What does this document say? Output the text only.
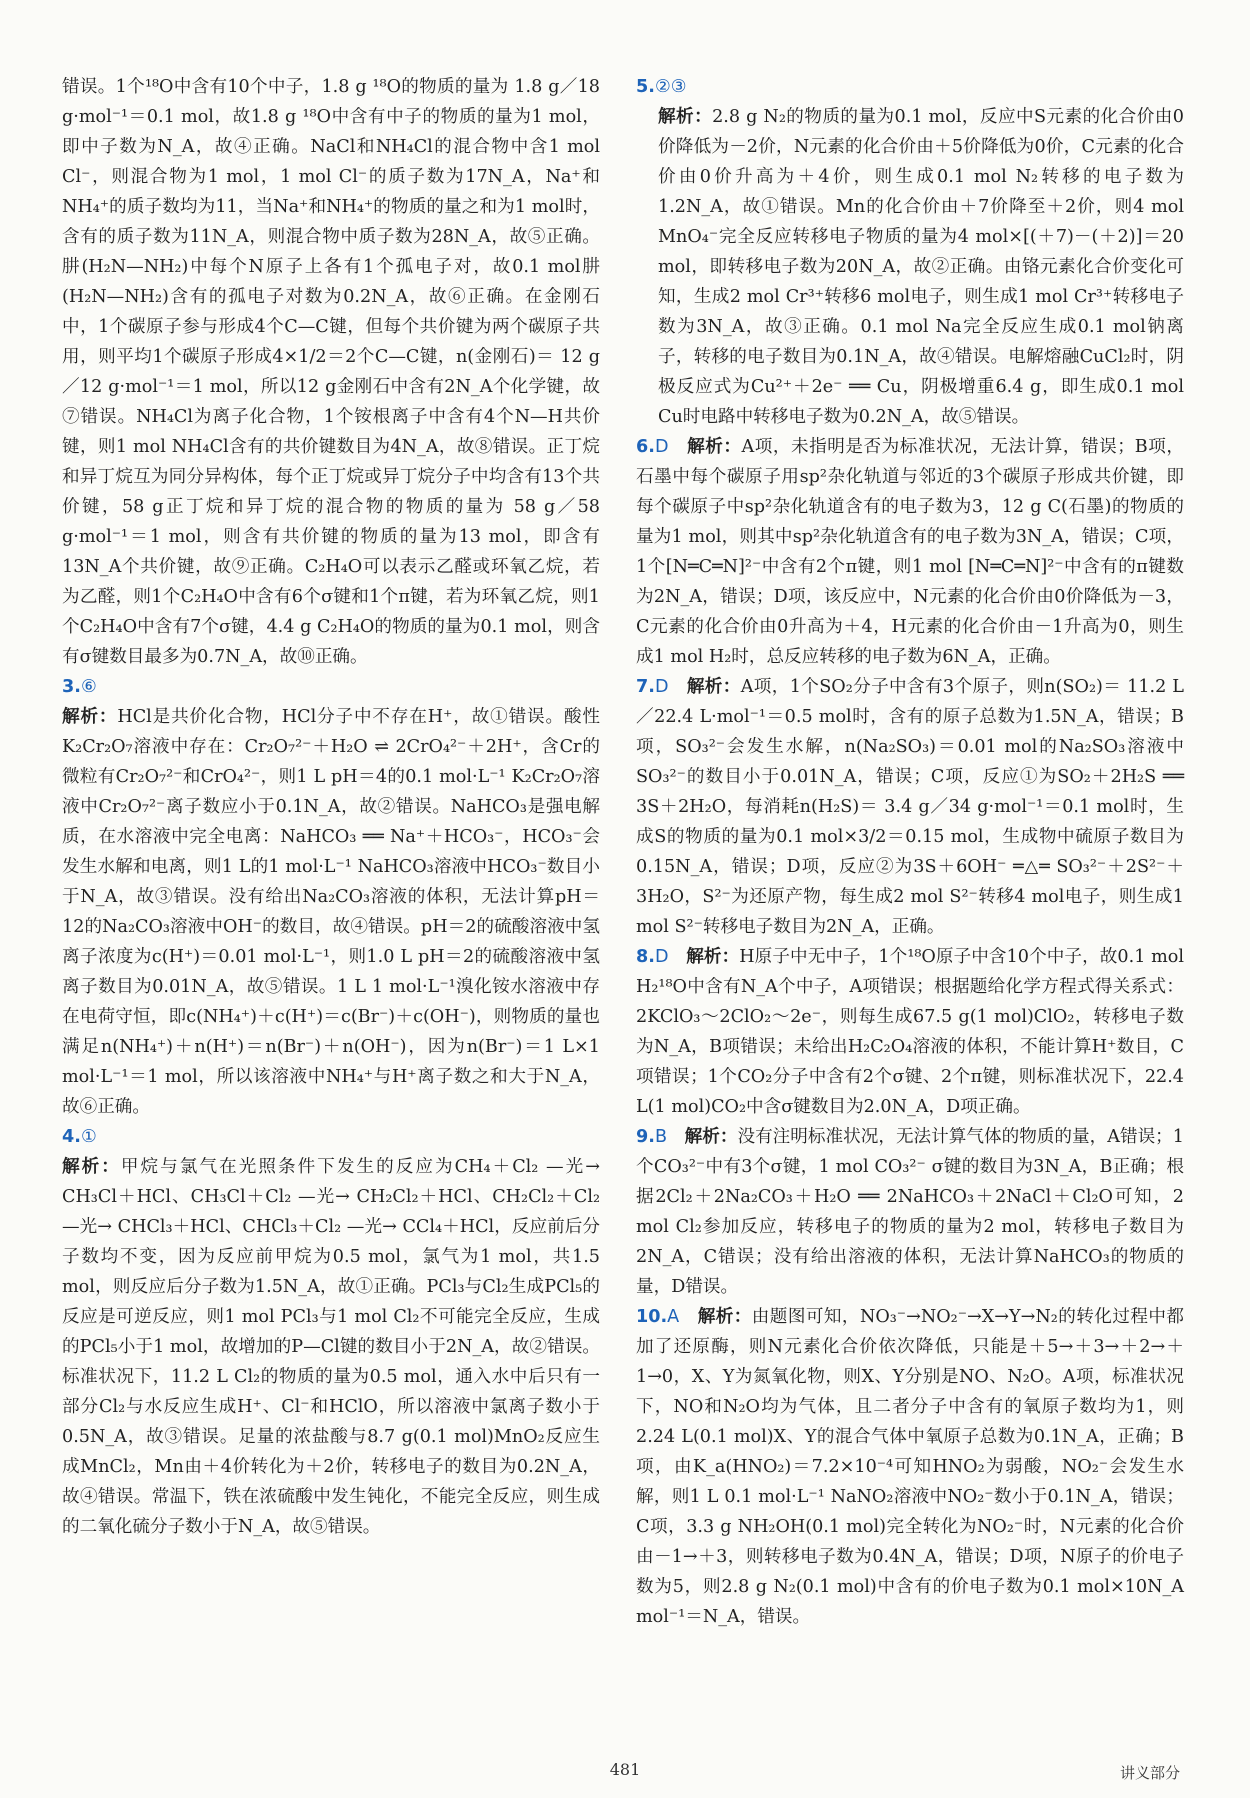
错误。1个¹⁸O中含有10个中子，1.8 g ¹⁸O的物质的量为 1.8 g／18 g·mol⁻¹＝0.1 mol，故1.8 g ¹⁸O中含有中子的物质的量为1 mol，即中子数为N_A，故④正确。NaCl和NH₄Cl的混合物中含1 mol Cl⁻，则混合物为1 mol，1 mol Cl⁻的质子数为17N_A，Na⁺和NH₄⁺的质子数均为11，当Na⁺和NH₄⁺的物质的量之和为1 mol时，含有的质子数为11N_A，则混合物中质子数为28N_A，故⑤正确。肼(H₂N—NH₂)中每个N原子上各有1个孤电子对，故0.1 mol肼(H₂N—NH₂)含有的孤电子对数为0.2N_A，故⑥正确。在金刚石中，1个碳原子参与形成4个C—C键，但每个共价键为两个碳原子共用，则平均1个碳原子形成4×1/2＝2个C—C键，n(金刚石)＝ 12 g／12 g·mol⁻¹＝1 mol，所以12 g金刚石中含有2N_A个化学键，故⑦错误。NH₄Cl为离子化合物，1个铵根离子中含有4个N—H共价键，则1 mol NH₄Cl含有的共价键数目为4N_A，故⑧错误。正丁烷和异丁烷互为同分异构体，每个正丁烷或异丁烷分子中均含有13个共价键，58 g正丁烷和异丁烷的混合物的物质的量为 58 g／58 g·mol⁻¹＝1 mol，则含有共价键的物质的量为13 mol，即含有13N_A个共价键，故⑨正确。C₂H₄O可以表示乙醛或环氧乙烷，若为乙醛，则1个C₂H₄O中含有6个σ键和1个π键，若为环氧乙烷，则1个C₂H₄O中含有7个σ键，4.4 g C₂H₄O的物质的量为0.1 mol，则含有σ键数目最多为0.7N_A，故⑩正确。

3.⑥

解析：HCl是共价化合物，HCl分子中不存在H⁺，故①错误。酸性K₂Cr₂O₇溶液中存在：Cr₂O₇²⁻＋H₂O ⇌ 2CrO₄²⁻＋2H⁺，含Cr的微粒有Cr₂O₇²⁻和CrO₄²⁻，则1 L pH＝4的0.1 mol·L⁻¹ K₂Cr₂O₇溶液中Cr₂O₇²⁻离子数应小于0.1N_A，故②错误。NaHCO₃是强电解质，在水溶液中完全电离：NaHCO₃ ══ Na⁺＋HCO₃⁻，HCO₃⁻会发生水解和电离，则1 L的1 mol·L⁻¹ NaHCO₃溶液中HCO₃⁻数目小于N_A，故③错误。没有给出Na₂CO₃溶液的体积，无法计算pH＝12的Na₂CO₃溶液中OH⁻的数目，故④错误。pH＝2的硫酸溶液中氢离子浓度为c(H⁺)＝0.01 mol·L⁻¹，则1.0 L pH＝2的硫酸溶液中氢离子数目为0.01N_A，故⑤错误。1 L 1 mol·L⁻¹溴化铵水溶液中存在电荷守恒，即c(NH₄⁺)＋c(H⁺)＝c(Br⁻)＋c(OH⁻)，则物质的量也满足n(NH₄⁺)＋n(H⁺)＝n(Br⁻)＋n(OH⁻)，因为n(Br⁻)＝1 L×1 mol·L⁻¹＝1 mol，所以该溶液中NH₄⁺与H⁺离子数之和大于N_A，故⑥正确。

4.①

解析：甲烷与氯气在光照条件下发生的反应为CH₄＋Cl₂ —光→ CH₃Cl＋HCl、CH₃Cl＋Cl₂ —光→ CH₂Cl₂＋HCl、CH₂Cl₂＋Cl₂ —光→ CHCl₃＋HCl、CHCl₃＋Cl₂ —光→ CCl₄＋HCl，反应前后分子数均不变，因为反应前甲烷为0.5 mol，氯气为1 mol，共1.5 mol，则反应后分子数为1.5N_A，故①正确。PCl₃与Cl₂生成PCl₅的反应是可逆反应，则1 mol PCl₃与1 mol Cl₂不可能完全反应，生成的PCl₅小于1 mol，故增加的P—Cl键的数目小于2N_A，故②错误。标准状况下，11.2 L Cl₂的物质的量为0.5 mol，通入水中后只有一部分Cl₂与水反应生成H⁺、Cl⁻和HClO，所以溶液中氯离子数小于0.5N_A，故③错误。足量的浓盐酸与8.7 g(0.1 mol)MnO₂反应生成MnCl₂，Mn由＋4价转化为＋2价，转移电子的数目为0.2N_A，故④错误。常温下，铁在浓硫酸中发生钝化，不能完全反应，则生成的二氧化硫分子数小于N_A，故⑤错误。

5.②③

解析：2.8 g N₂的物质的量为0.1 mol，反应中S元素的化合价由0价降低为－2价，N元素的化合价由＋5价降低为0价，C元素的化合价由0价升高为＋4价，则生成0.1 mol N₂转移的电子数为1.2N_A，故①错误。Mn的化合价由＋7价降至＋2价，则4 mol MnO₄⁻完全反应转移电子物质的量为4 mol×[(＋7)－(＋2)]＝20 mol，即转移电子数为20N_A，故②正确。由铬元素化合价变化可知，生成2 mol Cr³⁺转移6 mol电子，则生成1 mol Cr³⁺转移电子数为3N_A，故③正确。0.1 mol Na完全反应生成0.1 mol钠离子，转移的电子数目为0.1N_A，故④错误。电解熔融CuCl₂时，阴极反应式为Cu²⁺＋2e⁻ ══ Cu，阴极增重6.4 g，即生成0.1 mol Cu时电路中转移电子数为0.2N_A，故⑤错误。

6.D　 解析：A项，未指明是否为标准状况，无法计算，错误；B项，石墨中每个碳原子用sp²杂化轨道与邻近的3个碳原子形成共价键，即每个碳原子中sp²杂化轨道含有的电子数为3，12 g C(石墨)的物质的量为1 mol，则其中sp²杂化轨道含有的电子数为3N_A，错误；C项，1个[N═C═N]²⁻中含有2个π键，则1 mol [N═C═N]²⁻中含有的π键数为2N_A，错误；D项，该反应中，N元素的化合价由0价降低为－3，C元素的化合价由0升高为＋4，H元素的化合价由－1升高为0，则生成1 mol H₂时，总反应转移的电子数为6N_A，正确。

7.D　 解析：A项，1个SO₂分子中含有3个原子，则n(SO₂)＝ 11.2 L／22.4 L·mol⁻¹＝0.5 mol时，含有的原子总数为1.5N_A，错误；B项，SO₃²⁻会发生水解，n(Na₂SO₃)＝0.01 mol的Na₂SO₃溶液中SO₃²⁻的数目小于0.01N_A，错误；C项，反应①为SO₂＋2H₂S ══ 3S＋2H₂O，每消耗n(H₂S)＝ 3.4 g／34 g·mol⁻¹＝0.1 mol时，生成S的物质的量为0.1 mol×3/2＝0.15 mol，生成物中硫原子数目为0.15N_A，错误；D项，反应②为3S＋6OH⁻ ═△═ SO₃²⁻＋2S²⁻＋3H₂O，S²⁻为还原产物，每生成2 mol S²⁻转移4 mol电子，则生成1 mol S²⁻转移电子数目为2N_A，正确。

8.D　 解析：H原子中无中子，1个¹⁸O原子中含10个中子，故0.1 mol H₂¹⁸O中含有N_A个中子，A项错误；根据题给化学方程式得关系式：2KClO₃～2ClO₂～2e⁻，则每生成67.5 g(1 mol)ClO₂，转移电子数为N_A，B项错误；未给出H₂C₂O₄溶液的体积，不能计算H⁺数目，C项错误；1个CO₂分子中含有2个σ键、2个π键，则标准状况下，22.4 L(1 mol)CO₂中含σ键数目为2.0N_A，D项正确。

9.B　 解析：没有注明标准状况，无法计算气体的物质的量，A错误；1个CO₃²⁻中有3个σ键，1 mol CO₃²⁻ σ键的数目为3N_A，B正确；根据2Cl₂＋2Na₂CO₃＋H₂O ══ 2NaHCO₃＋2NaCl＋Cl₂O可知，2 mol Cl₂参加反应，转移电子的物质的量为2 mol，转移电子数目为2N_A，C错误；没有给出溶液的体积，无法计算NaHCO₃的物质的量，D错误。

10.A　 解析：由题图可知，NO₃⁻→NO₂⁻→X→Y→N₂的转化过程中都加了还原酶，则N元素化合价依次降低，只能是＋5→＋3→＋2→＋1→0，X、Y为氮氧化物，则X、Y分别是NO、N₂O。A项，标准状况下，NO和N₂O均为气体，且二者分子中含有的氧原子数均为1，则2.24 L(0.1 mol)X、Y的混合气体中氧原子总数为0.1N_A，正确；B项，由K_a(HNO₂)＝7.2×10⁻⁴可知HNO₂为弱酸，NO₂⁻会发生水解，则1 L 0.1 mol·L⁻¹ NaNO₂溶液中NO₂⁻数小于0.1N_A，错误；C项，3.3 g NH₂OH(0.1 mol)完全转化为NO₂⁻时，N元素的化合价由－1→＋3，则转移电子数为0.4N_A，错误；D项，N原子的价电子数为5，则2.8 g N₂(0.1 mol)中含有的价电子数为0.1 mol×10N_A mol⁻¹＝N_A，错误。

481	讲义部分
